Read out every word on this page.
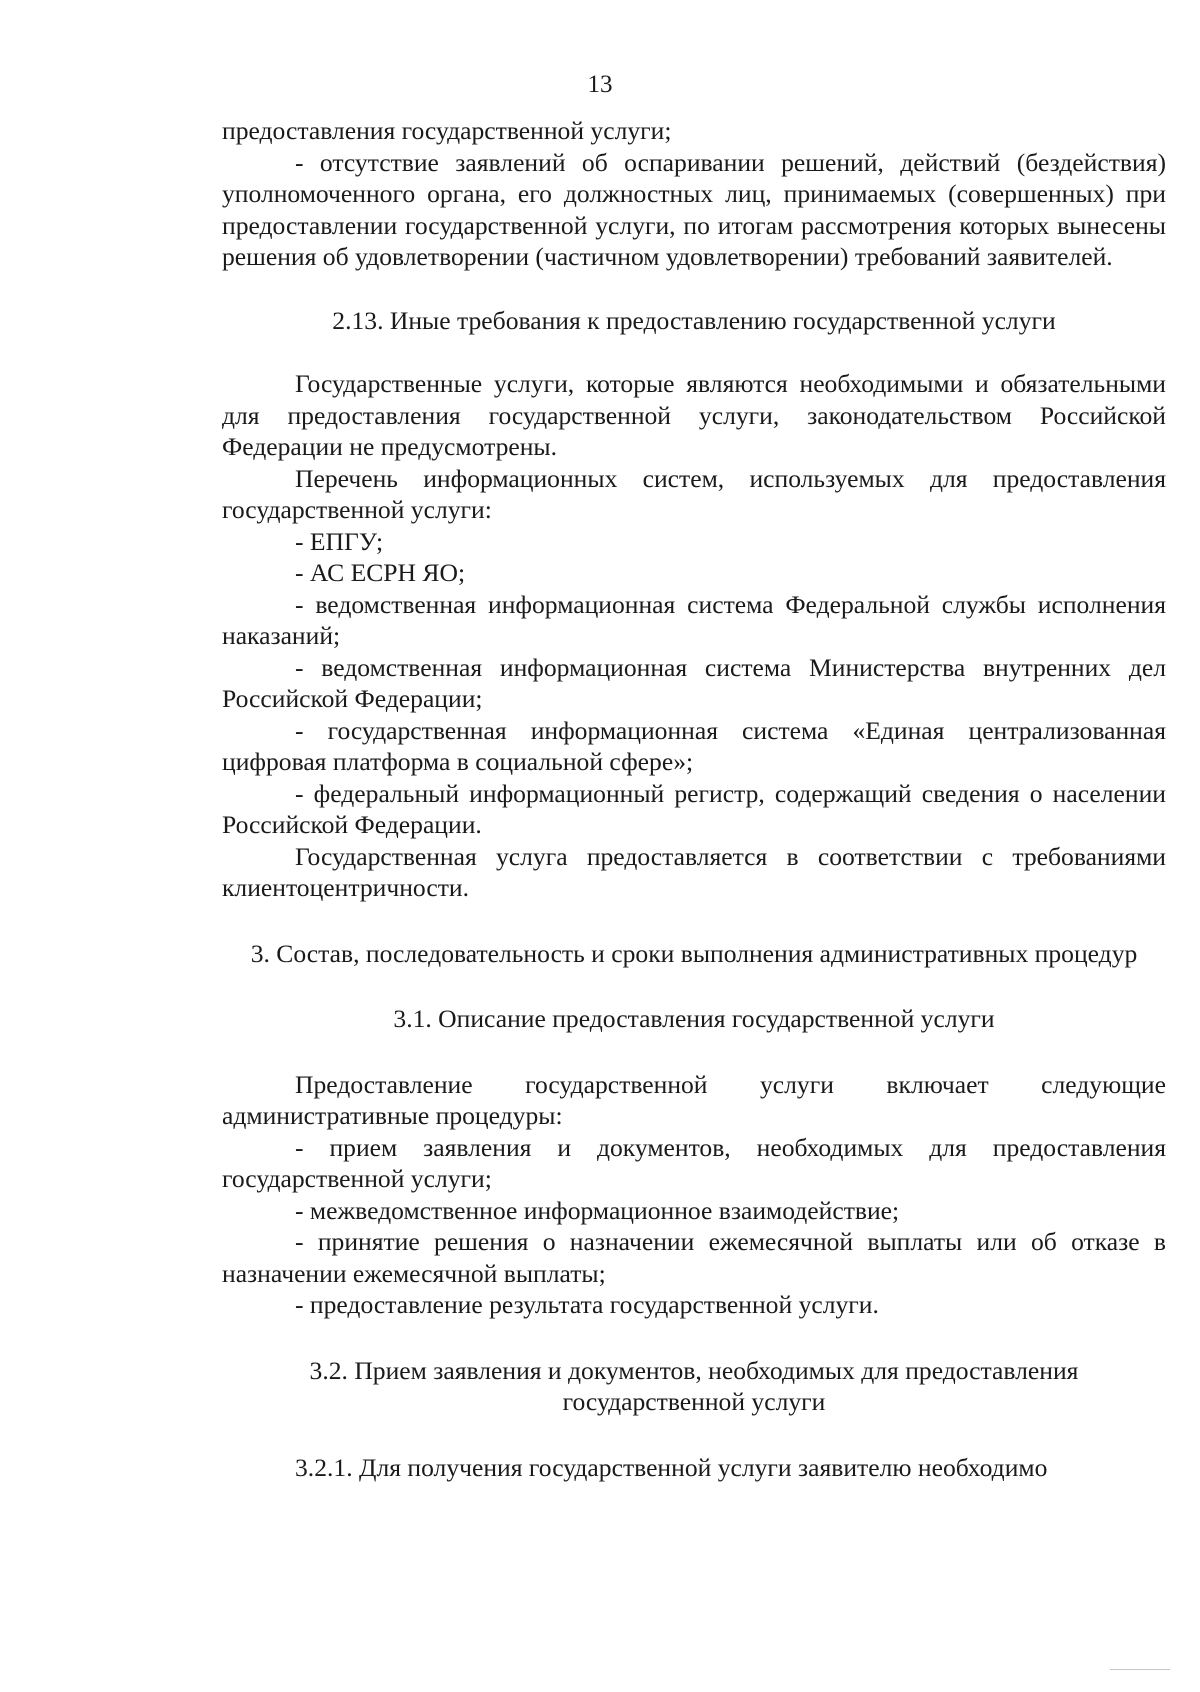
13

предоставления государственной услуги;

- отсутствие заявлений об оспаривании решений, действий (бездействия) уполномоченного органа, его должностных лиц, принимаемых (совершенных) при предоставлении государственной услуги, по итогам рассмотрения которых вынесены решения об удовлетворении (частичном удовлетворении) требований заявителей.

2.13. Иные требования к предоставлению государственной услуги

Государственные услуги, которые являются необходимыми и обязательными для предоставления государственной услуги, законодательством Российской Федерации не предусмотрены.

Перечень информационных систем, используемых для предоставления государственной услуги:

- ЕПГУ;

- АС ЕСРН ЯО;

- ведомственная информационная система Федеральной службы исполнения наказаний;

- ведомственная информационная система Министерства внутренних дел Российской Федерации;

- государственная информационная система «Единая централизованная цифровая платформа в социальной сфере»;

- федеральный информационный регистр, содержащий сведения о населении Российской Федерации.

Государственная услуга предоставляется в соответствии с требованиями клиентоцентричности.

3. Состав, последовательность и сроки выполнения административных процедур
3.1. Описание предоставления государственной услуги

Предоставление государственной услуги включает следующие административные процедуры:

- прием заявления и документов, необходимых для предоставления государственной услуги;

- межведомственное информационное взаимодействие;

- принятие решения о назначении ежемесячной выплаты или об отказе в назначении ежемесячной выплаты;

- предоставление результата государственной услуги.

3.2. Прием заявления и документов, необходимых для предоставления государственной услуги

3.2.1. Для получения государственной услуги заявителю необходимо
